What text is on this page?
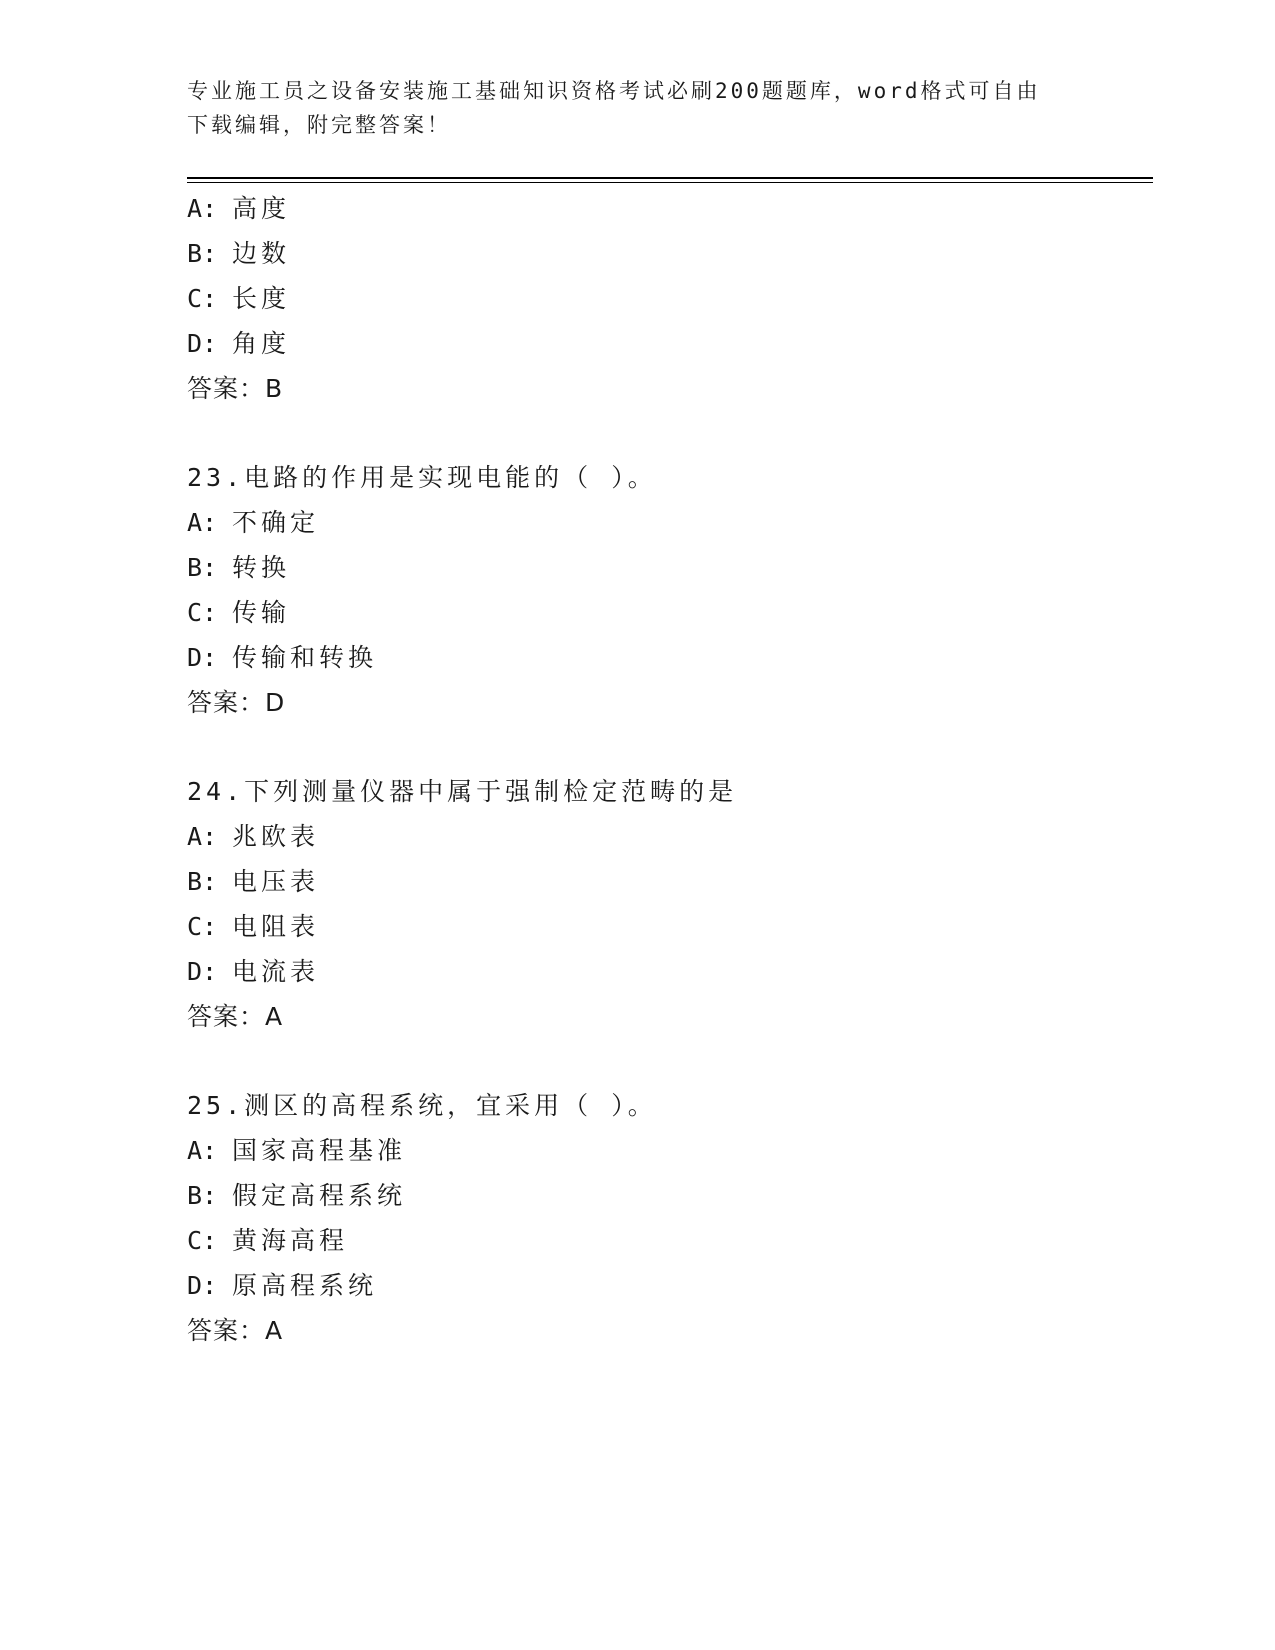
专业施工员之设备安装施工基础知识资格考试必刷200题题库，word格式可自由
下载编辑，附完整答案！
A: 高度
B: 边数
C: 长度
D: 角度
答案：B
23.电路的作用是实现电能的（ ）。
A: 不确定
B: 转换
C: 传输
D: 传输和转换
答案：D
24.下列测量仪器中属于强制检定范畴的是
A: 兆欧表
B: 电压表
C: 电阻表
D: 电流表
答案：A
25.测区的高程系统，宜采用（ ）。
A: 国家高程基准
B: 假定高程系统
C: 黄海高程
D: 原高程系统
答案：A
